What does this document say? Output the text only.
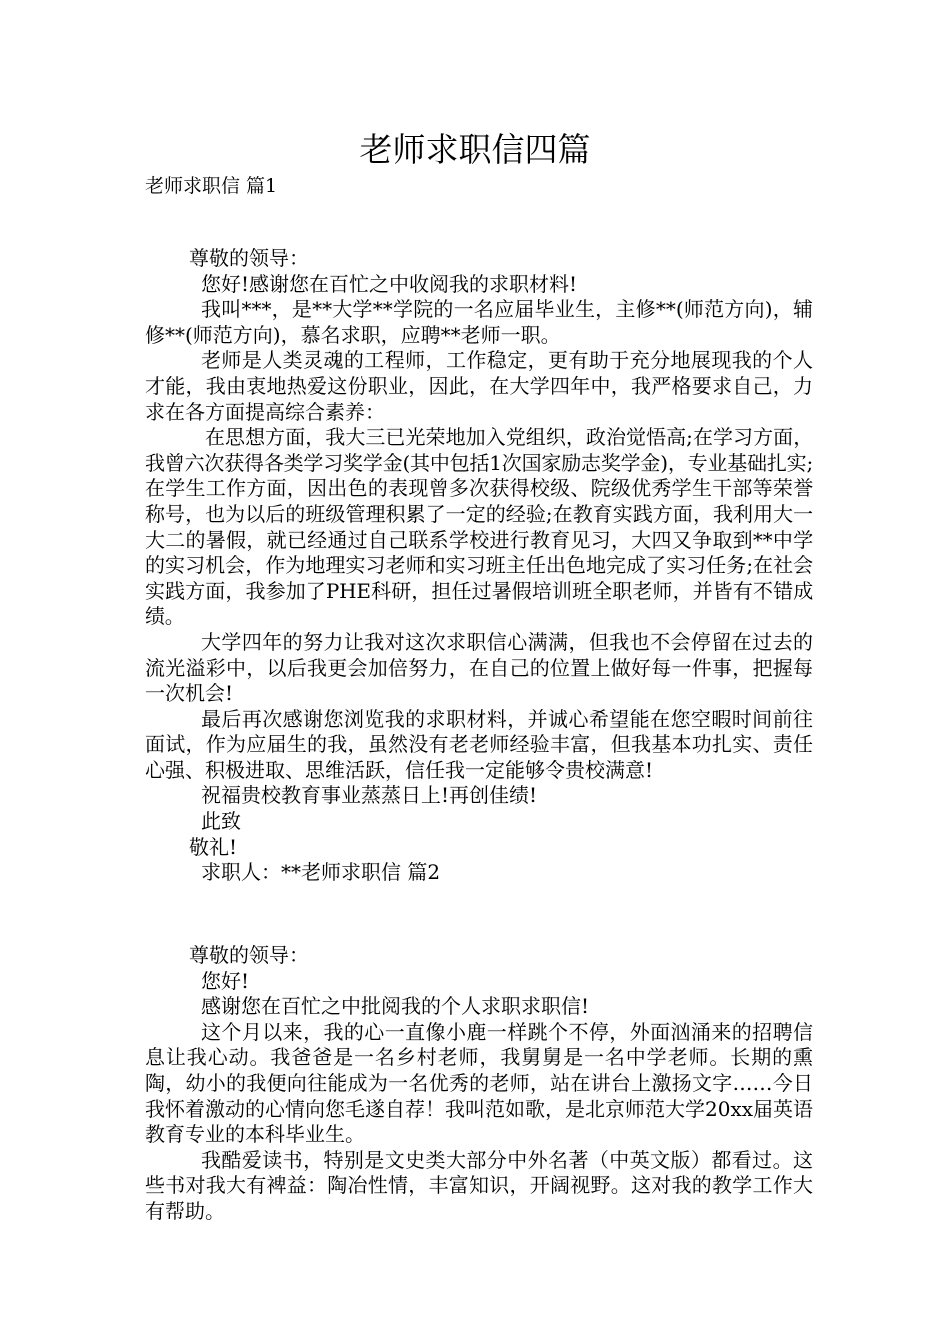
老师求职信四篇
老师求职信 篇1
尊敬的领导：
您好!感谢您在百忙之中收阅我的求职材料!

我叫***，是**大学**学院的一名应届毕业生，主修**(师范方向)，辅修**(师范方向)，慕名求职，应聘**老师一职。

老师是人类灵魂的工程师，工作稳定，更有助于充分地展现我的个人才能，我由衷地热爱这份职业，因此，在大学四年中，我严格要求自己，力求在各方面提高综合素养：

在思想方面，我大三已光荣地加入党组织，政治觉悟高;在学习方面，我曾六次获得各类学习奖学金(其中包括1次国家励志奖学金)，专业基础扎实;在学生工作方面，因出色的表现曾多次获得校级、院级优秀学生干部等荣誉称号，也为以后的班级管理积累了一定的经验;在教育实践方面，我利用大一大二的暑假，就已经通过自己联系学校进行教育见习，大四又争取到**中学的实习机会，作为地理实习老师和实习班主任出色地完成了实习任务;在社会实践方面，我参加了PHE科研，担任过暑假培训班全职老师，并皆有不错成绩。

大学四年的努力让我对这次求职信心满满，但我也不会停留在过去的流光溢彩中，以后我更会加倍努力，在自己的位置上做好每一件事，把握每一次机会!

最后再次感谢您浏览我的求职材料，并诚心希望能在您空暇时间前往面试，作为应届生的我，虽然没有老老师经验丰富，但我基本功扎实、责任心强、积极进取、思维活跃，信任我一定能够令贵校满意!

祝福贵校教育事业蒸蒸日上!再创佳绩!
此致
敬礼!
求职人：**老师求职信 篇2
尊敬的领导：
您好!
感谢您在百忙之中批阅我的个人求职求职信!

这个月以来，我的心一直像小鹿一样跳个不停，外面汹涌来的招聘信息让我心动。我爸爸是一名乡村老师，我舅舅是一名中学老师。长期的熏陶，幼小的我便向往能成为一名优秀的老师，站在讲台上激扬文字……今日我怀着激动的心情向您毛遂自荐！我叫范如歌，是北京师范大学20xx届英语教育专业的本科毕业生。

我酷爱读书，特别是文史类大部分中外名著（中英文版）都看过。这些书对我大有裨益：陶冶性情，丰富知识，开阔视野。这对我的教学工作大有帮助。
